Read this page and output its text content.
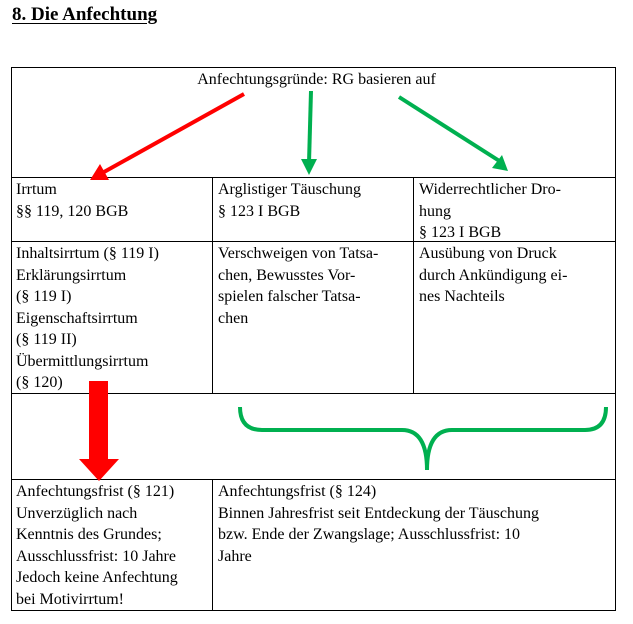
8. Die Anfechtung
Anfechtungsgründe: RG basieren auf
Irrtum
§§ 119, 120 BGB
Arglistiger Täuschung
§ 123 I BGB
Widerrechtlicher Dro-
hung
§ 123 I BGB
Inhaltsirrtum (§ 119 I)
Erklärungsirrtum
(§ 119 I)
Eigenschaftsirrtum
(§ 119 II)
Übermittlungsirrtum
(§ 120)
Verschweigen von Tatsa-
chen, Bewusstes Vor-
spielen falscher Tatsa-
chen
Ausübung von Druck
durch Ankündigung ei-
nes Nachteils
Anfechtungsfrist (§ 121)
Unverzüglich nach
Kenntnis des Grundes;
Ausschlussfrist: 10 Jahre
Jedoch keine Anfechtung
bei Motivirrtum!
Anfechtungsfrist (§ 124)
Binnen Jahresfrist seit Entdeckung der Täuschung
bzw. Ende der Zwangslage; Ausschlussfrist: 10
Jahre
